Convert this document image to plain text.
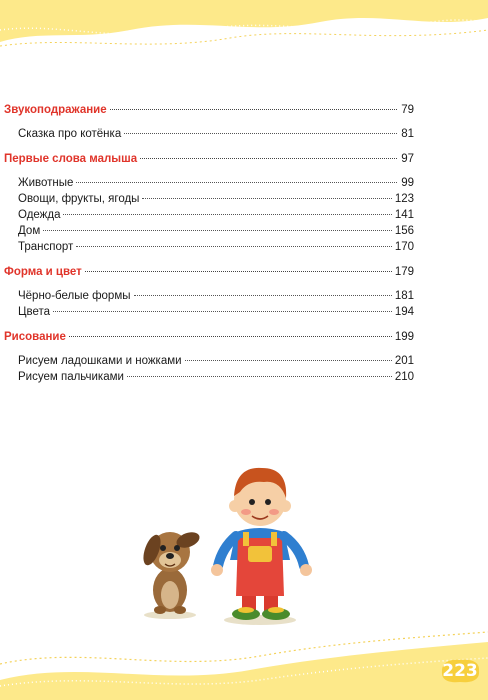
Звукоподражание	79
Сказка про котёнка	81
Первые слова малыша	97
Животные	99
Овощи, фрукты, ягоды	123
Одежда	141
Дом	156
Транспорт	170
Форма и цвет	179
Чёрно-белые формы	181
Цвета	194
Рисование	199
Рисуем ладошками и ножками	201
Рисуем пальчиками	210
223
